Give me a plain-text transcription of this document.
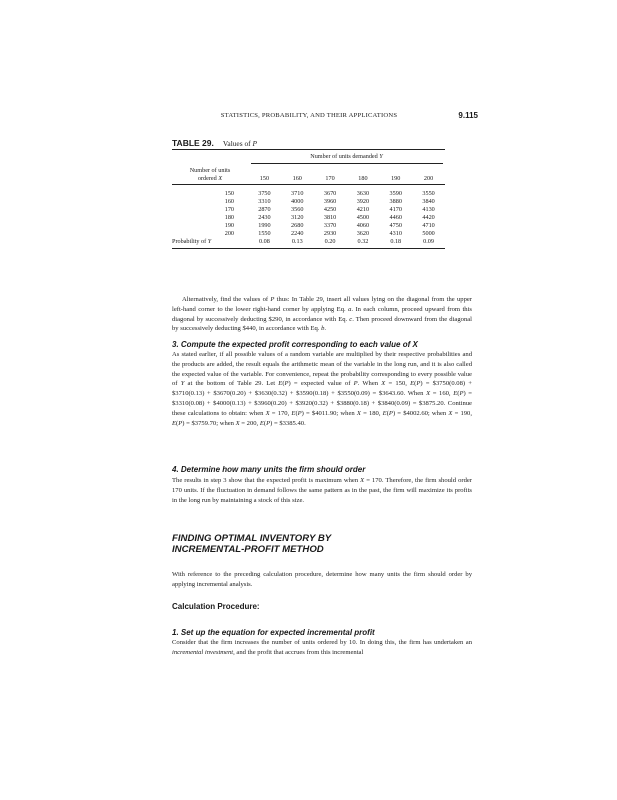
STATISTICS, PROBABILITY, AND THEIR APPLICATIONS	9.115
TABLE 29. Values of P
	Number of units demanded Y					

Number of units
ordered X	150	160	170	180	190	200

150	3750	3710	3670	3630	3590	3550
160	3310	4000	3960	3920	3880	3840
170	2870	3560	4250	4210	4170	4130
180	2430	3120	3810	4500	4460	4420
190	1990	2680	3370	4060	4750	4710
200	1550	2240	2930	3620	4310	5000
Probability of Y	0.08	0.13	0.20	0.32	0.18	0.09

Alternatively, find the values of P thus: In Table 29, insert all values lying on the diagonal from the upper left-hand corner to the lower right-hand corner by applying Eq. a. In each column, proceed upward from this diagonal by successively deducting $290, in accordance with Eq. c. Then proceed downward from the diagonal by successively deducting $440, in accordance with Eq. b.

3. Compute the expected profit corresponding to each value of X

As stated earlier, if all possible values of a random variable are multiplied by their respective probabilities and the products are added, the result equals the arithmetic mean of the variable in the long run, and it is also called the expected value of the variable. For convenience, repeat the probability corresponding to every possible value of Y at the bottom of Table 29. Let E(P) = expected value of P. When X = 150, E(P) = $3750(0.08) + $3710(0.13) + $3670(0.20) + $3630(0.32) + $3590(0.18) + $3550(0.09) = $3643.60. When X = 160, E(P) = $3310(0.08) + $4000(0.13) + $3960(0.20) + $3920(0.32) + $3880(0.18) + $3840(0.09) = $3875.20. Continue these calculations to obtain: when X = 170, E(P) = $4011.90; when X = 180, E(P) = $4002.60; when X = 190, E(P) = $3759.70; when X = 200, E(P) = $3385.40.

4. Determine how many units the firm should order

The results in step 3 show that the expected profit is maximum when X = 170. Therefore, the firm should order 170 units. If the fluctuation in demand follows the same pattern as in the past, the firm will maximize its profits in the long run by maintaining a stock of this size.

FINDING OPTIMAL INVENTORY BY
INCREMENTAL-PROFIT METHOD

With reference to the preceding calculation procedure, determine how many units the firm should order by applying incremental analysis.

Calculation Procedure:
1. Set up the equation for expected incremental profit

Consider that the firm increases the number of units ordered by 10. In doing this, the firm has undertaken an incremental investment, and the profit that accrues from this incremental
